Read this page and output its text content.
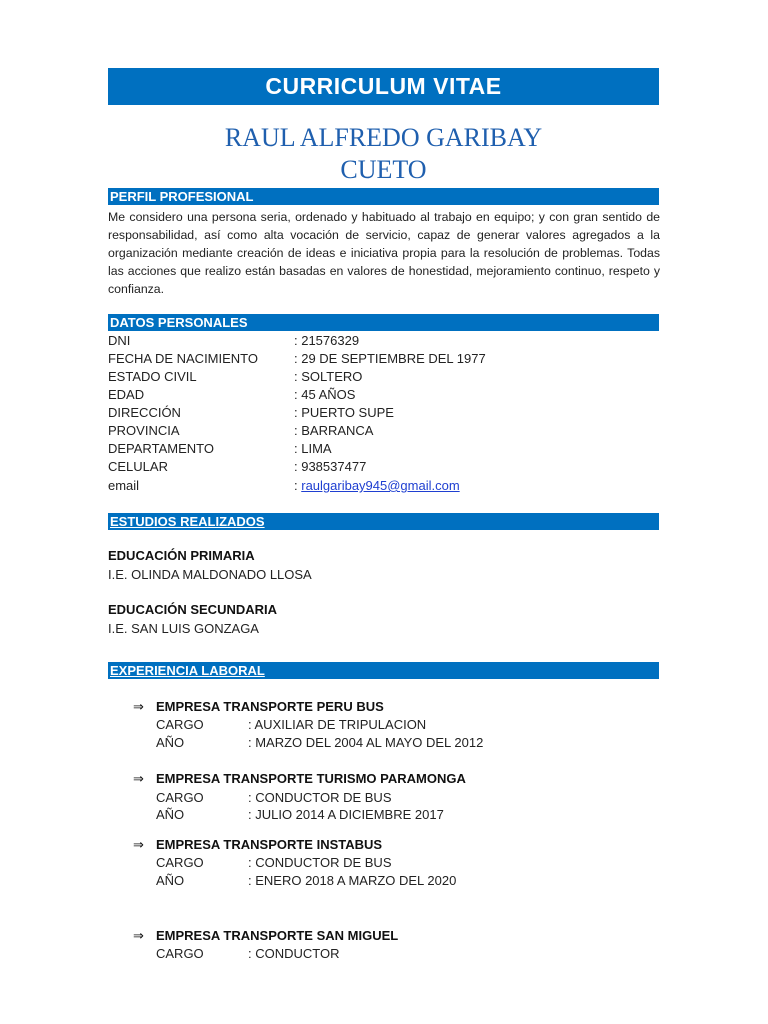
CURRICULUM VITAE
RAUL ALFREDO GARIBAY
CUETO
PERFIL PROFESIONAL
Me considero una persona seria, ordenado y habituado al trabajo en equipo; y con gran sentido de responsabilidad, así como alta vocación de servicio, capaz de generar valores agregados a la organización mediante creación de ideas e iniciativa propia para la resolución de problemas. Todas las acciones que realizo están basadas en valores de honestidad, mejoramiento continuo, respeto y confianza.
DATOS PERSONALES
DNI	: 21576329
FECHA DE NACIMIENTO	: 29 DE SEPTIEMBRE DEL 1977
ESTADO CIVIL	: SOLTERO
EDAD	: 45 AÑOS
DIRECCIÓN	: PUERTO SUPE
PROVINCIA	: BARRANCA
DEPARTAMENTO	: LIMA
CELULAR	: 938537477
email	: raulgaribay945@gmail.com
ESTUDIOS REALIZADOS
EDUCACIÓN PRIMARIA
I.E. OLINDA MALDONADO LLOSA
EDUCACIÓN SECUNDARIA
I.E. SAN LUIS GONZAGA
EXPERIENCIA LABORAL
⇒ EMPRESA TRANSPORTE PERU BUS
CARGO	: AUXILIAR DE TRIPULACION
AÑO	: MARZO DEL 2004 AL MAYO DEL 2012
⇒ EMPRESA TRANSPORTE TURISMO PARAMONGA
CARGO	: CONDUCTOR DE BUS
AÑO	: JULIO 2014 A DICIEMBRE 2017
⇒ EMPRESA TRANSPORTE INSTABUS
CARGO	: CONDUCTOR DE BUS
AÑO	: ENERO 2018 A MARZO DEL 2020
⇒ EMPRESA TRANSPORTE SAN MIGUEL
CARGO	: CONDUCTOR
